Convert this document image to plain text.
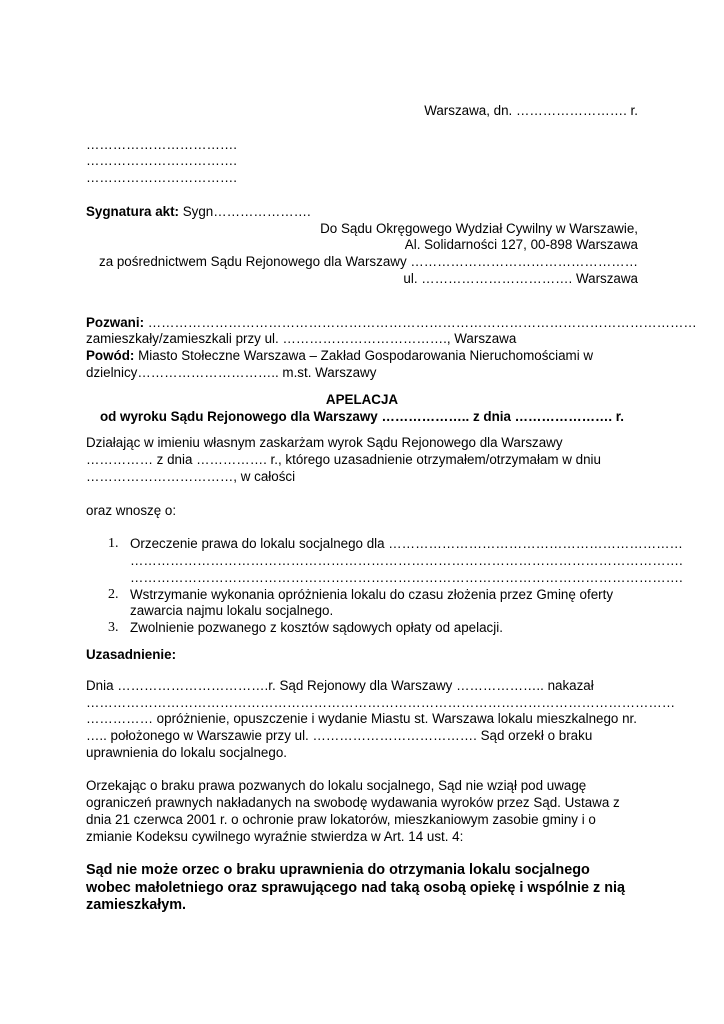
Warszawa, dn. ……………………. r.
…………………………….
…………………………….
…………………………….
Sygnatura akt: Sygn………………….
Do Sądu Okręgowego Wydział Cywilny w Warszawie,
Al. Solidarności 127, 00-898 Warszawa
za pośrednictwem Sądu Rejonowego dla Warszawy ……………………………………………
ul. ……………………………. Warszawa
Pozwani: ……………………………………………………………………………………………………………
zamieszkały/zamieszkali przy ul. ………………………………., Warszawa
Powód: Miasto Stołeczne Warszawa – Zakład Gospodarowania Nieruchomościami w dzielnicy………………………….. m.st. Warszawy
APELACJA
od wyroku Sądu Rejonowego dla Warszawy ……………….. z dnia …………………. r.
Działając w imieniu własnym zaskarżam wyrok Sądu Rejonowego dla Warszawy …………… z dnia ……………. r., którego uzasadnienie otrzymałem/otrzymałam w dniu ……………………………, w całości
oraz wnoszę o:
1. Orzeczenie prawa do lokalu socjalnego dla …………………………………………………………
…………………………………………………………………………………………………………….
…………………………………………………………………………………………………………….
2. Wstrzymanie wykonania opróżnienia lokalu do czasu złożenia przez Gminę oferty zawarcia najmu lokalu socjalnego.
3. Zwolnienie pozwanego z kosztów sądowych opłaty od apelacji.
Uzasadnienie:
Dnia …………………………….r. Sąd Rejonowy dla Warszawy ……………….. nakazał
……………………………………………………………………………………………………………………
…………… opróżnienie, opuszczenie i wydanie Miastu st. Warszawa lokalu mieszkalnego nr. ….. położonego w Warszawie przy ul. ………………………………. Sąd orzekł o braku uprawnienia do lokalu socjalnego.
Orzekając o braku prawa pozwanych do lokalu socjalnego, Sąd nie wziął pod uwagę ograniczeń prawnych nakładanych na swobodę wydawania wyroków przez Sąd. Ustawa z dnia 21 czerwca 2001 r. o ochronie praw lokatorów, mieszkaniowym zasobie gminy i o zmianie Kodeksu cywilnego wyraźnie stwierdza w Art. 14 ust. 4:
Sąd nie może orzec o braku uprawnienia do otrzymania lokalu socjalnego wobec małoletniego oraz sprawującego nad taką osobą opiekę i wspólnie z nią zamieszkałym.
